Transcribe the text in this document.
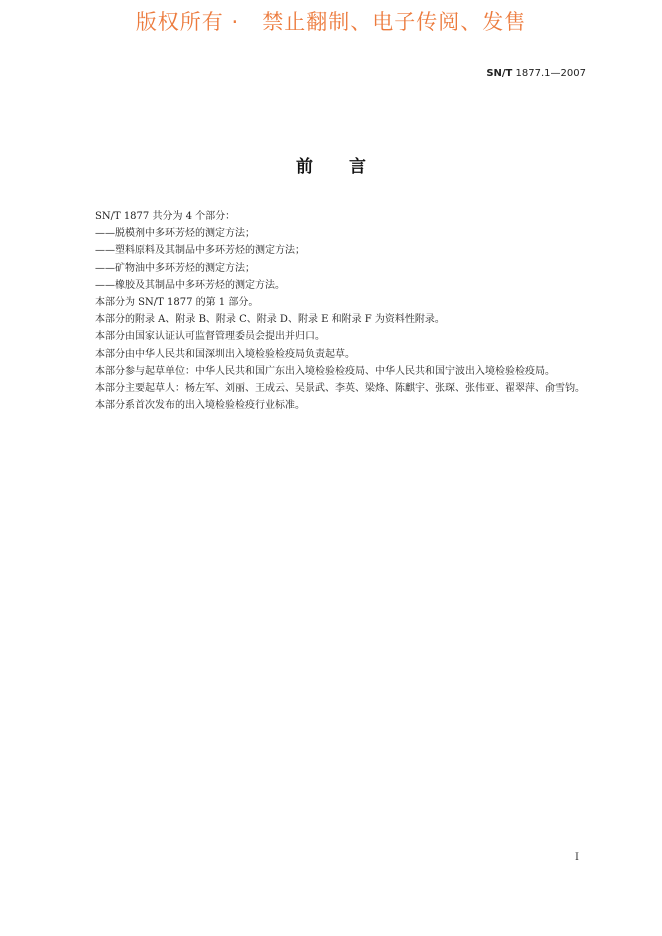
版权所有 ·   禁止翻制、电子传阅、发售
SN/T 1877.1—2007
前言

SN/T 1877 共分为 4 个部分：

——脱模剂中多环芳烃的测定方法；

——塑料原料及其制品中多环芳烃的测定方法；

——矿物油中多环芳烃的测定方法；

——橡胶及其制品中多环芳烃的测定方法。

本部分为 SN/T 1877 的第 1 部分。

本部分的附录 A、附录 B、附录 C、附录 D、附录 E 和附录 F 为资料性附录。

本部分由国家认证认可监督管理委员会提出并归口。

本部分由中华人民共和国深圳出入境检验检疫局负责起草。

本部分参与起草单位：中华人民共和国广东出入境检验检疫局、中华人民共和国宁波出入境检验检疫局。

本部分主要起草人：杨左军、刘丽、王成云、吴景武、李英、梁烽、陈麒宇、张琛、张伟亚、翟翠萍、俞雪钧。

本部分系首次发布的出入境检验检疫行业标准。

I
